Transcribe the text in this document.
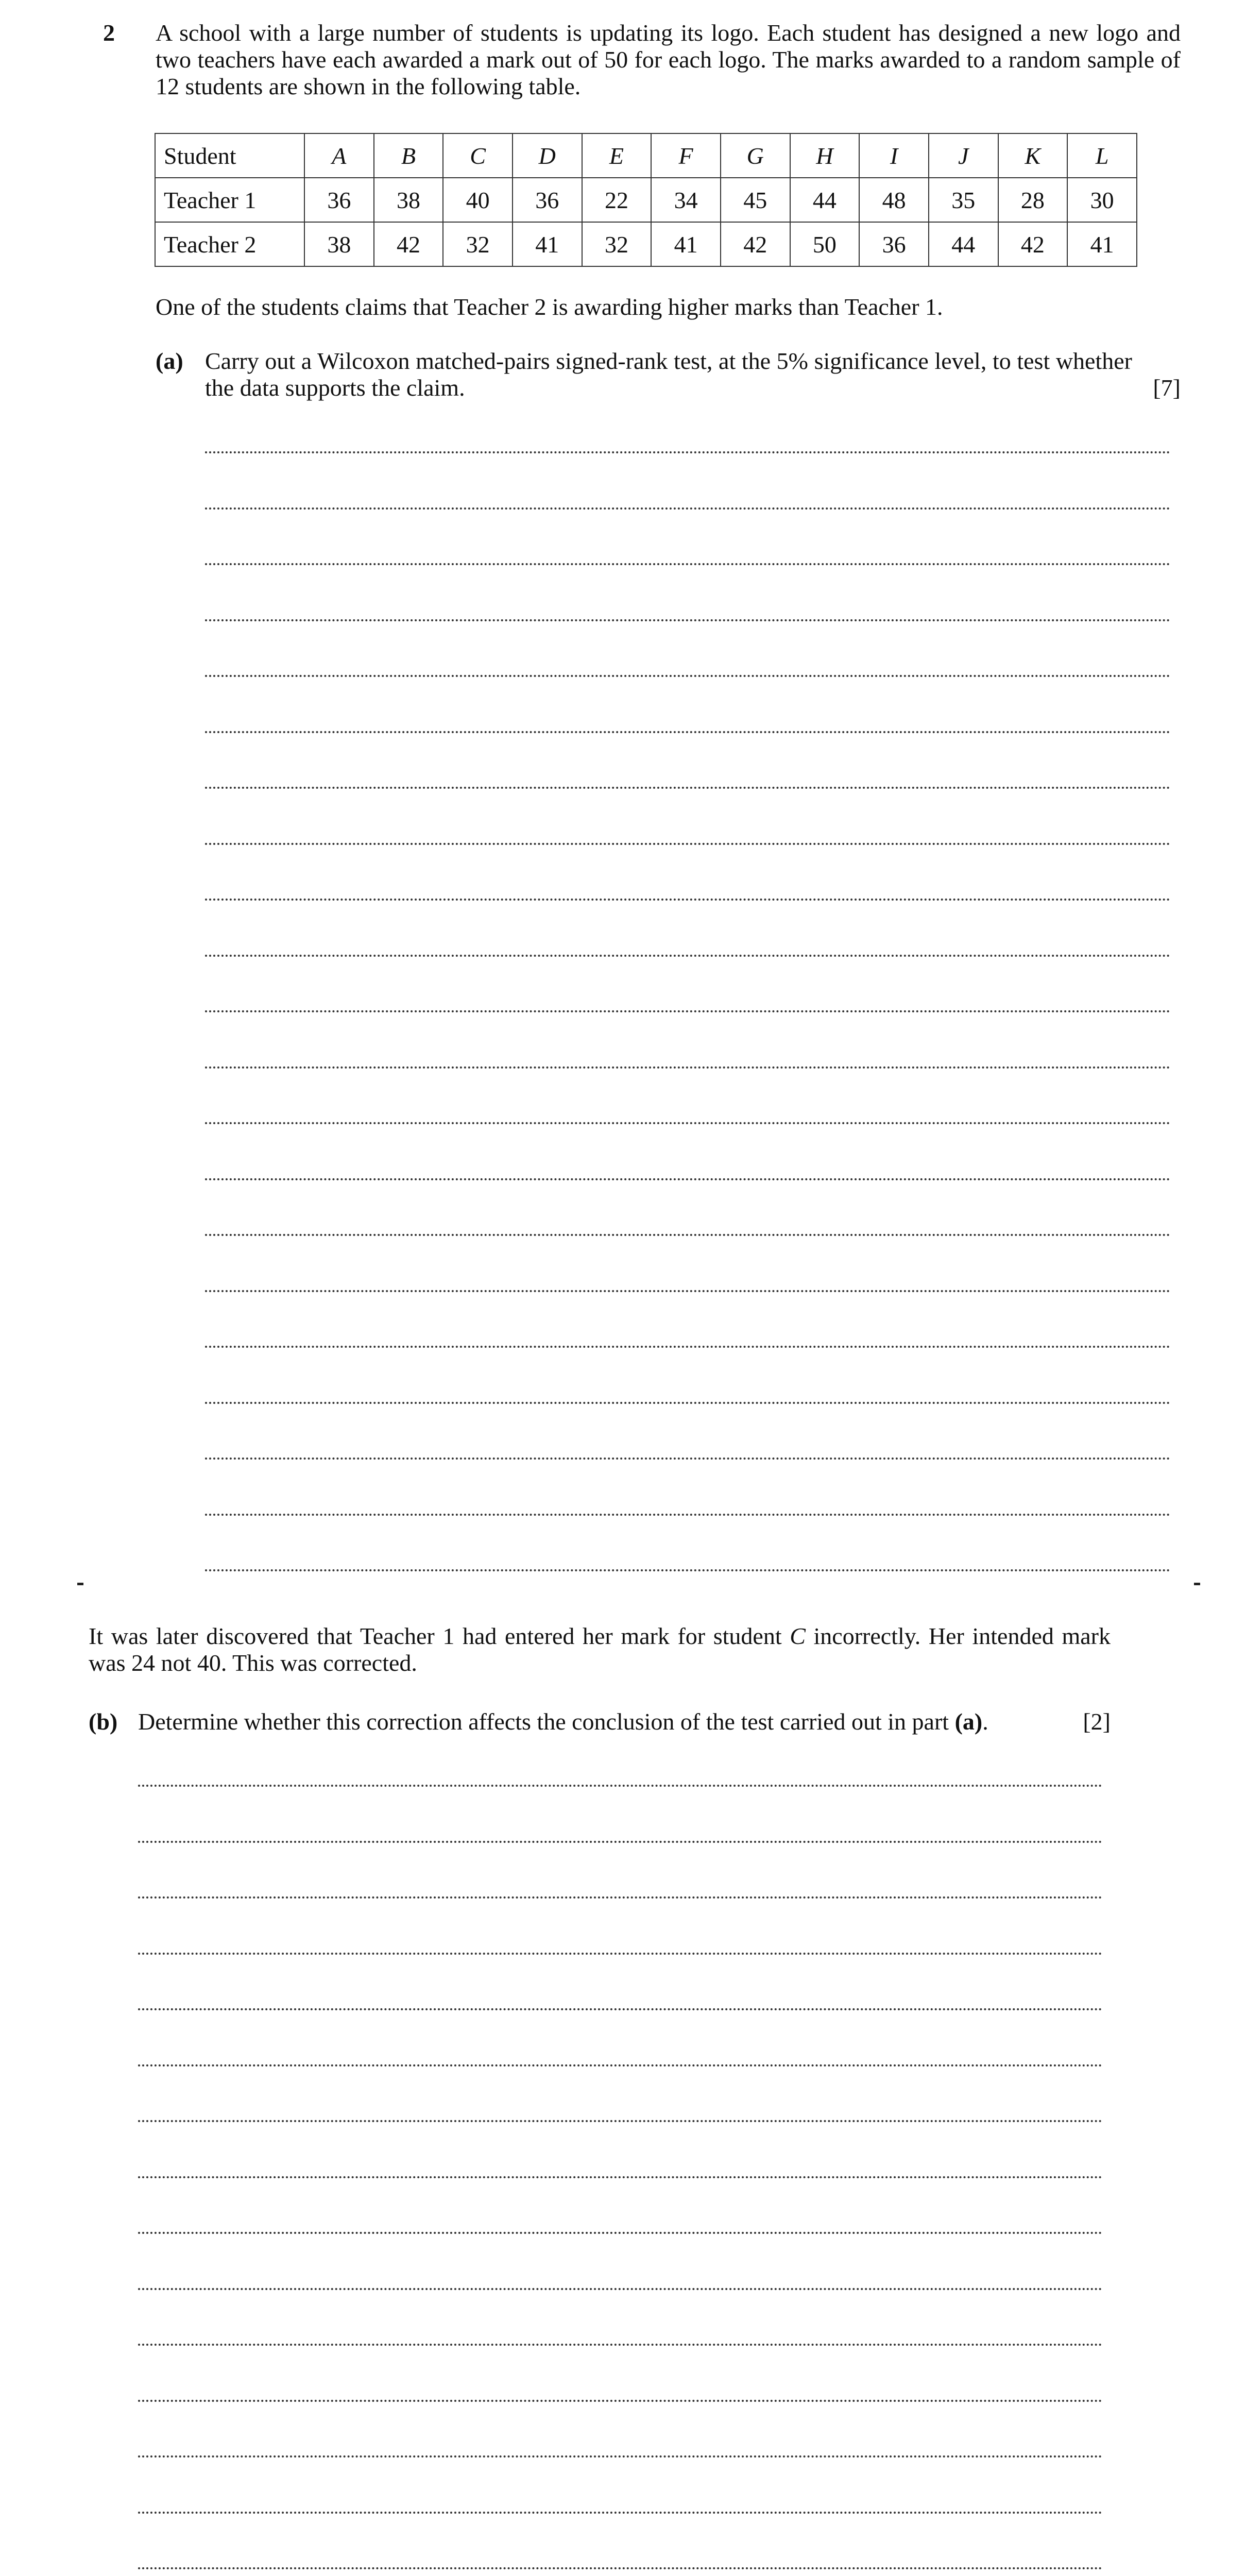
2 A school with a large number of students is updating its logo. Each student has designed a new logo and two teachers have each awarded a mark out of 50 for each logo. The marks awarded to a random sample of 12 students are shown in the following table.
Student	A	B	C	D	E	F	G	H	I	J	K	L
Teacher 1	36	38	40	36	22	34	45	44	48	35	28	30
Teacher 2	38	42	32	41	32	41	42	50	36	44	42	41
One of the students claims that Teacher 2 is awarding higher marks than Teacher 1.
(a) Carry out a Wilcoxon matched-pairs signed-rank test, at the 5% significance level, to test whether the data supports the claim.	[7]
It was later discovered that Teacher 1 had entered her mark for student C incorrectly. Her intended mark was 24 not 40. This was corrected.
(b) Determine whether this correction affects the conclusion of the test carried out in part (a).	[2]
